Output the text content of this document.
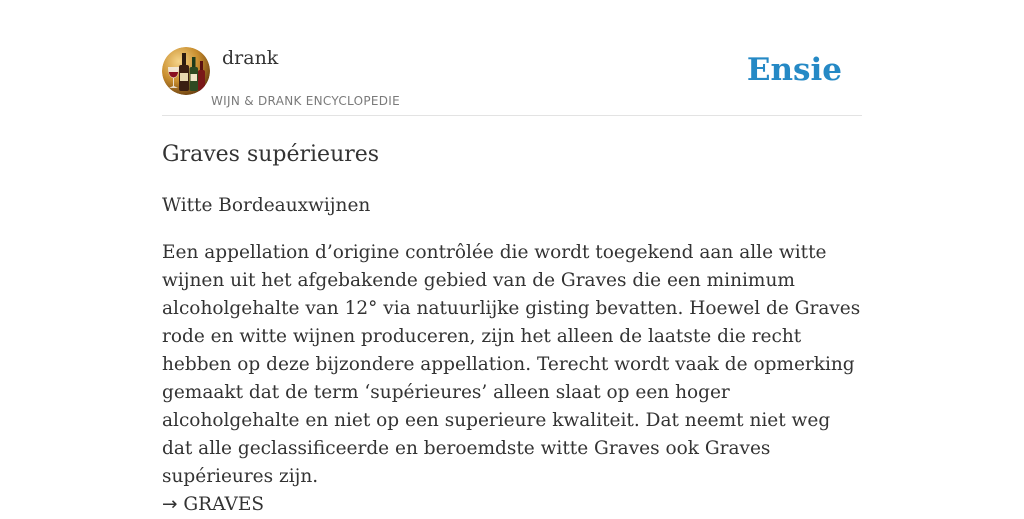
drank
WIJN & DRANK ENCYCLOPEDIE
Ensie
Graves supérieures

Witte Bordeauxwijnen

Een appellation d’origine contrôlée die wordt toegekend aan alle witte wijnen uit het afgebakende gebied van de Graves die een minimum alcoholgehalte van 12° via natuurlijke gisting bevatten. Hoewel de Graves rode en witte wijnen produceren, zijn het alleen de laatste die recht hebben op deze bijzondere appellation. Terecht wordt vaak de opmerking gemaakt dat de term ‘supérieures’ alleen slaat op een hoger alcoholgehalte en niet op een superieure kwaliteit. Dat neemt niet weg dat alle geclassificeerde en beroemdste witte Graves ook Graves supérieures zijn.

→ GRAVES
